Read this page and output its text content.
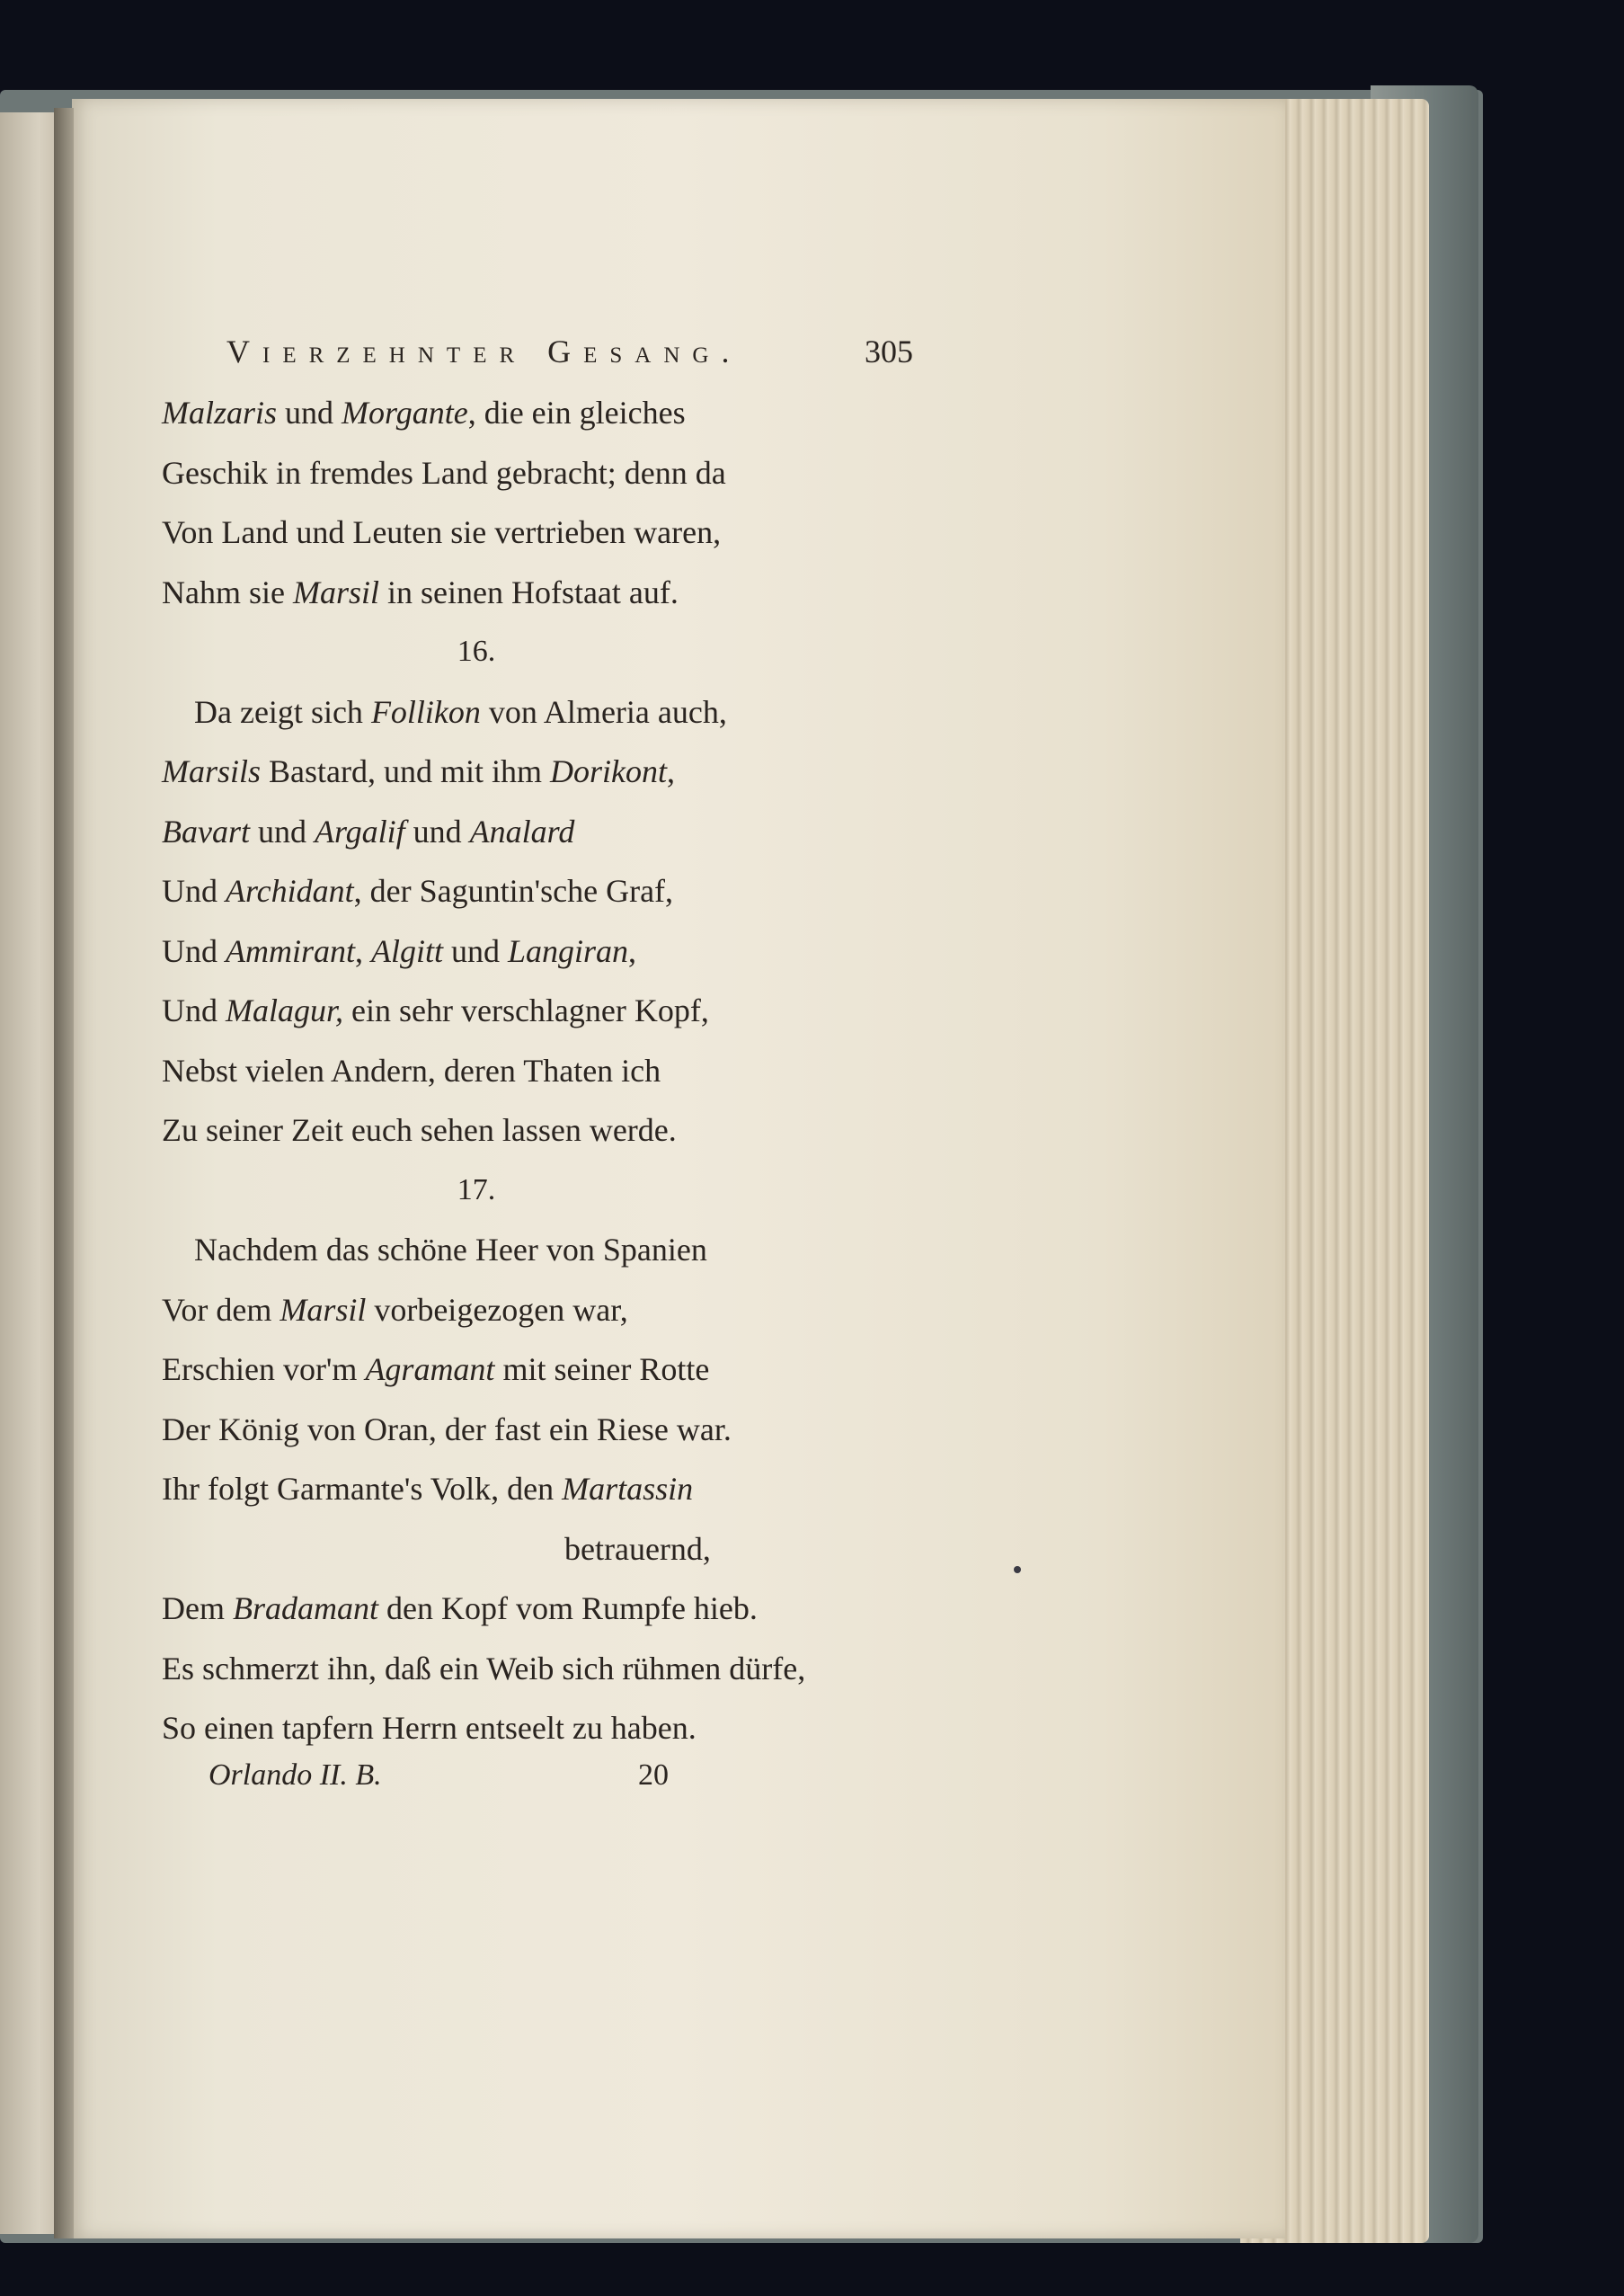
Vierzehnter Gesang.	305
Malzaris und Morgante, die ein gleiches
Geschik in fremdes Land gebracht; denn da
Von Land und Leuten sie vertrieben waren,
Nahm sie Marsil in seinen Hofstaat auf.
16.
Da zeigt sich Follikon von Almeria auch,
Marsils Bastard, und mit ihm Dorikont,
Bavart und Argalif und Analard
Und Archidant, der Saguntin'sche Graf,
Und Ammirant, Algitt und Langiran,
Und Malagur, ein sehr verschlagner Kopf,
Nebst vielen Andern, deren Thaten ich
Zu seiner Zeit euch sehen lassen werde.
17.
Nachdem das schöne Heer von Spanien
Vor dem Marsil vorbeigezogen war,
Erschien vor'm Agramant mit seiner Rotte
Der König von Oran, der fast ein Riese war.
Ihr folgt Garmante's Volk, den Martassin
betrauernd,
Dem Bradamant den Kopf vom Rumpfe hieb.
Es schmerzt ihn, daß ein Weib sich rühmen dürfe,
So einen tapfern Herrn entseelt zu haben.
Orlando II. B.	20
